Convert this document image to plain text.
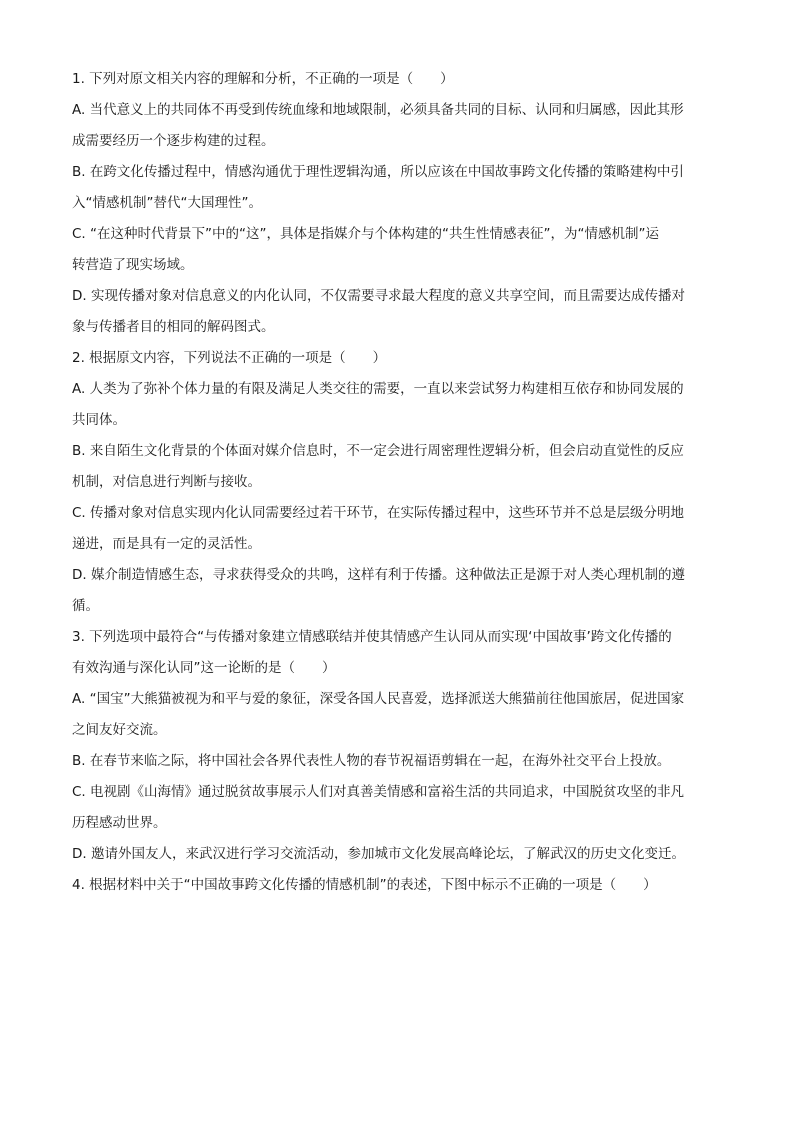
1. 下列对原文相关内容的理解和分析，不正确的一项是（　　）
A. 当代意义上的共同体不再受到传统血缘和地域限制，必须具备共同的目标、认同和归属感，因此其形
成需要经历一个逐步构建的过程。
B. 在跨文化传播过程中，情感沟通优于理性逻辑沟通，所以应该在中国故事跨文化传播的策略建构中引
入“情感机制”替代“大国理性”。
C. “在这种时代背景下”中的“这”，具体是指媒介与个体构建的“共生性情感表征”，为“情感机制”运
转营造了现实场域。
D. 实现传播对象对信息意义的内化认同，不仅需要寻求最大程度的意义共享空间，而且需要达成传播对
象与传播者目的相同的解码图式。
2. 根据原文内容，下列说法不正确的一项是（　　）
A. 人类为了弥补个体力量的有限及满足人类交往的需要，一直以来尝试努力构建相互依存和协同发展的
共同体。
B. 来自陌生文化背景的个体面对媒介信息时，不一定会进行周密理性逻辑分析，但会启动直觉性的反应
机制，对信息进行判断与接收。
C. 传播对象对信息实现内化认同需要经过若干环节，在实际传播过程中，这些环节并不总是层级分明地
递进，而是具有一定的灵活性。
D. 媒介制造情感生态，寻求获得受众的共鸣，这样有利于传播。这种做法正是源于对人类心理机制的遵
循。
3. 下列选项中最符合“与传播对象建立情感联结并使其情感产生认同从而实现‘中国故事’跨文化传播的
有效沟通与深化认同”这一论断的是（　　）
A. “国宝”大熊猫被视为和平与爱的象征，深受各国人民喜爱，选择派送大熊猫前往他国旅居，促进国家
之间友好交流。
B. 在春节来临之际，将中国社会各界代表性人物的春节祝福语剪辑在一起，在海外社交平台上投放。
C. 电视剧《山海情》通过脱贫故事展示人们对真善美情感和富裕生活的共同追求，中国脱贫攻坚的非凡
历程感动世界。
D. 邀请外国友人，来武汉进行学习交流活动，参加城市文化发展高峰论坛，了解武汉的历史文化变迁。
4. 根据材料中关于“中国故事跨文化传播的情感机制”的表述，下图中标示不正确的一项是（　　）
